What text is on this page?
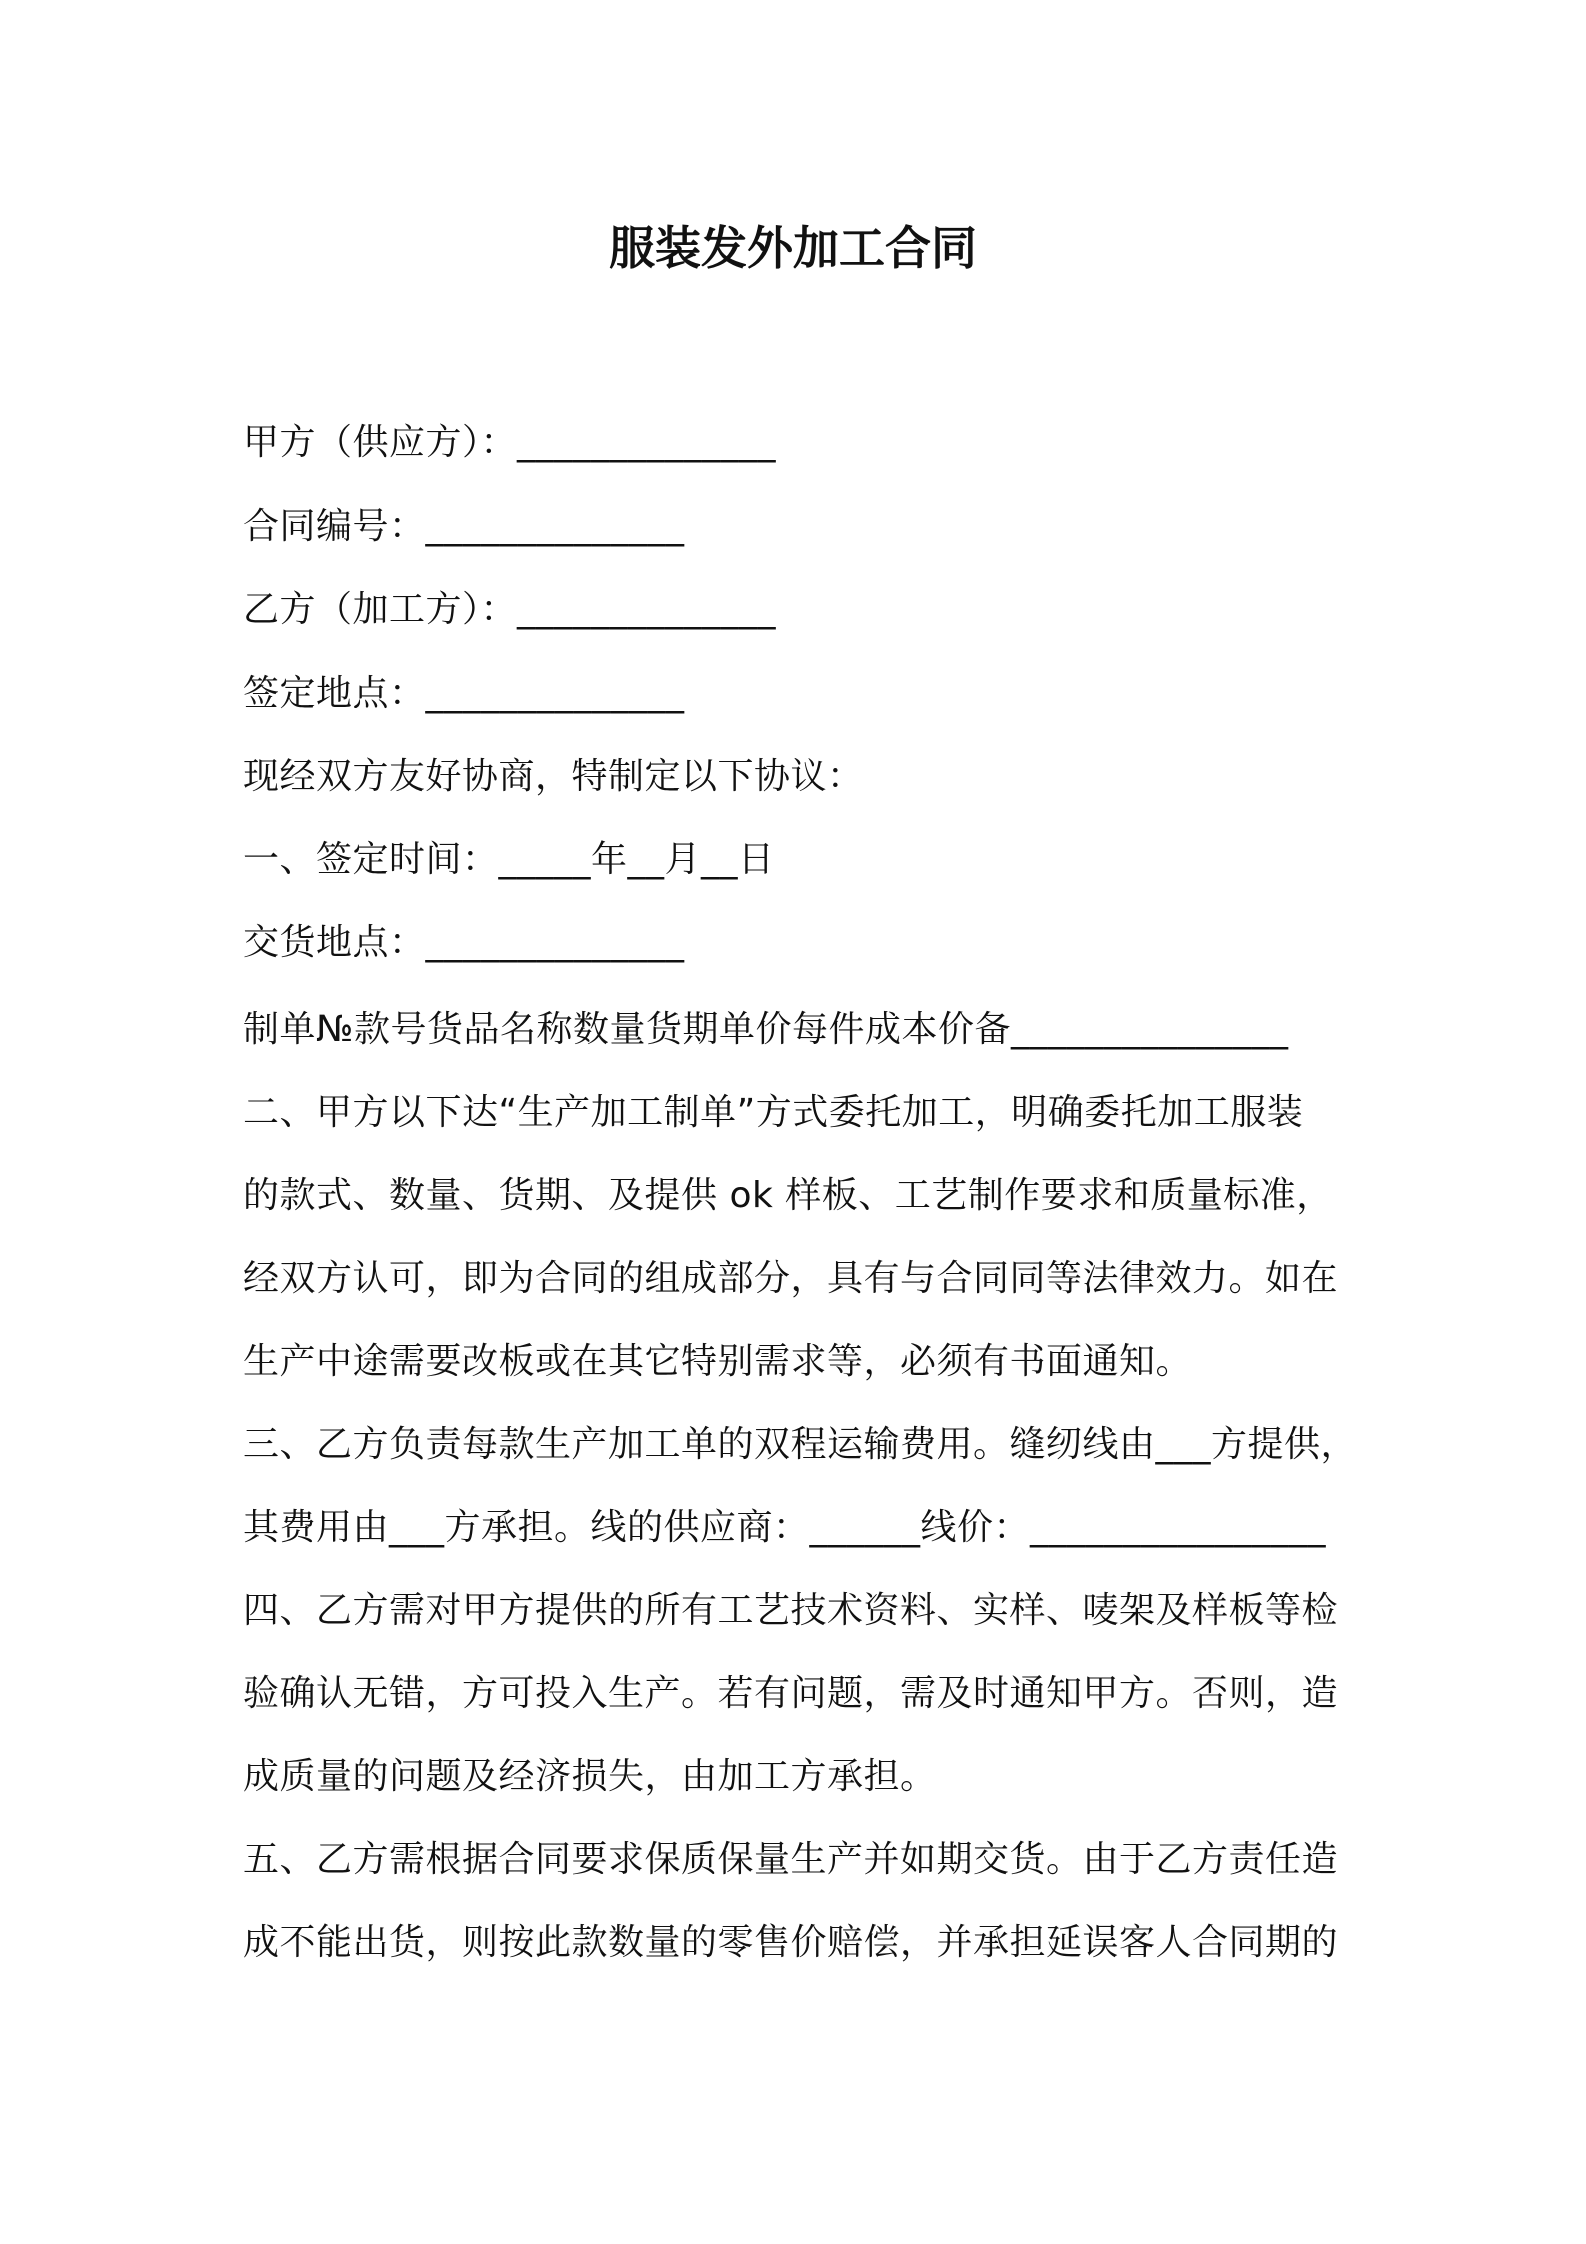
服装发外加工合同
甲方（供应方）：______________
合同编号：______________
乙方（加工方）：______________
签定地点：______________
现经双方友好协商，特制定以下协议：
一、签定时间：_____年__月__日
交货地点：______________
制单№款号货品名称数量货期单价每件成本价备_______________
二、甲方以下达“生产加工制单”方式委托加工，明确委托加工服装
的款式、数量、货期、及提供 ok 样板、工艺制作要求和质量标准，
经双方认可，即为合同的组成部分，具有与合同同等法律效力。如在
生产中途需要改板或在其它特别需求等，必须有书面通知。
三、乙方负责每款生产加工单的双程运输费用。缝纫线由___方提供，
其费用由___方承担。线的供应商：______线价：________________
四、乙方需对甲方提供的所有工艺技术资料、实样、唛架及样板等检
验确认无错，方可投入生产。若有问题，需及时通知甲方。否则，造
成质量的问题及经济损失，由加工方承担。
五、乙方需根据合同要求保质保量生产并如期交货。由于乙方责任造
成不能出货，则按此款数量的零售价赔偿，并承担延误客人合同期的
